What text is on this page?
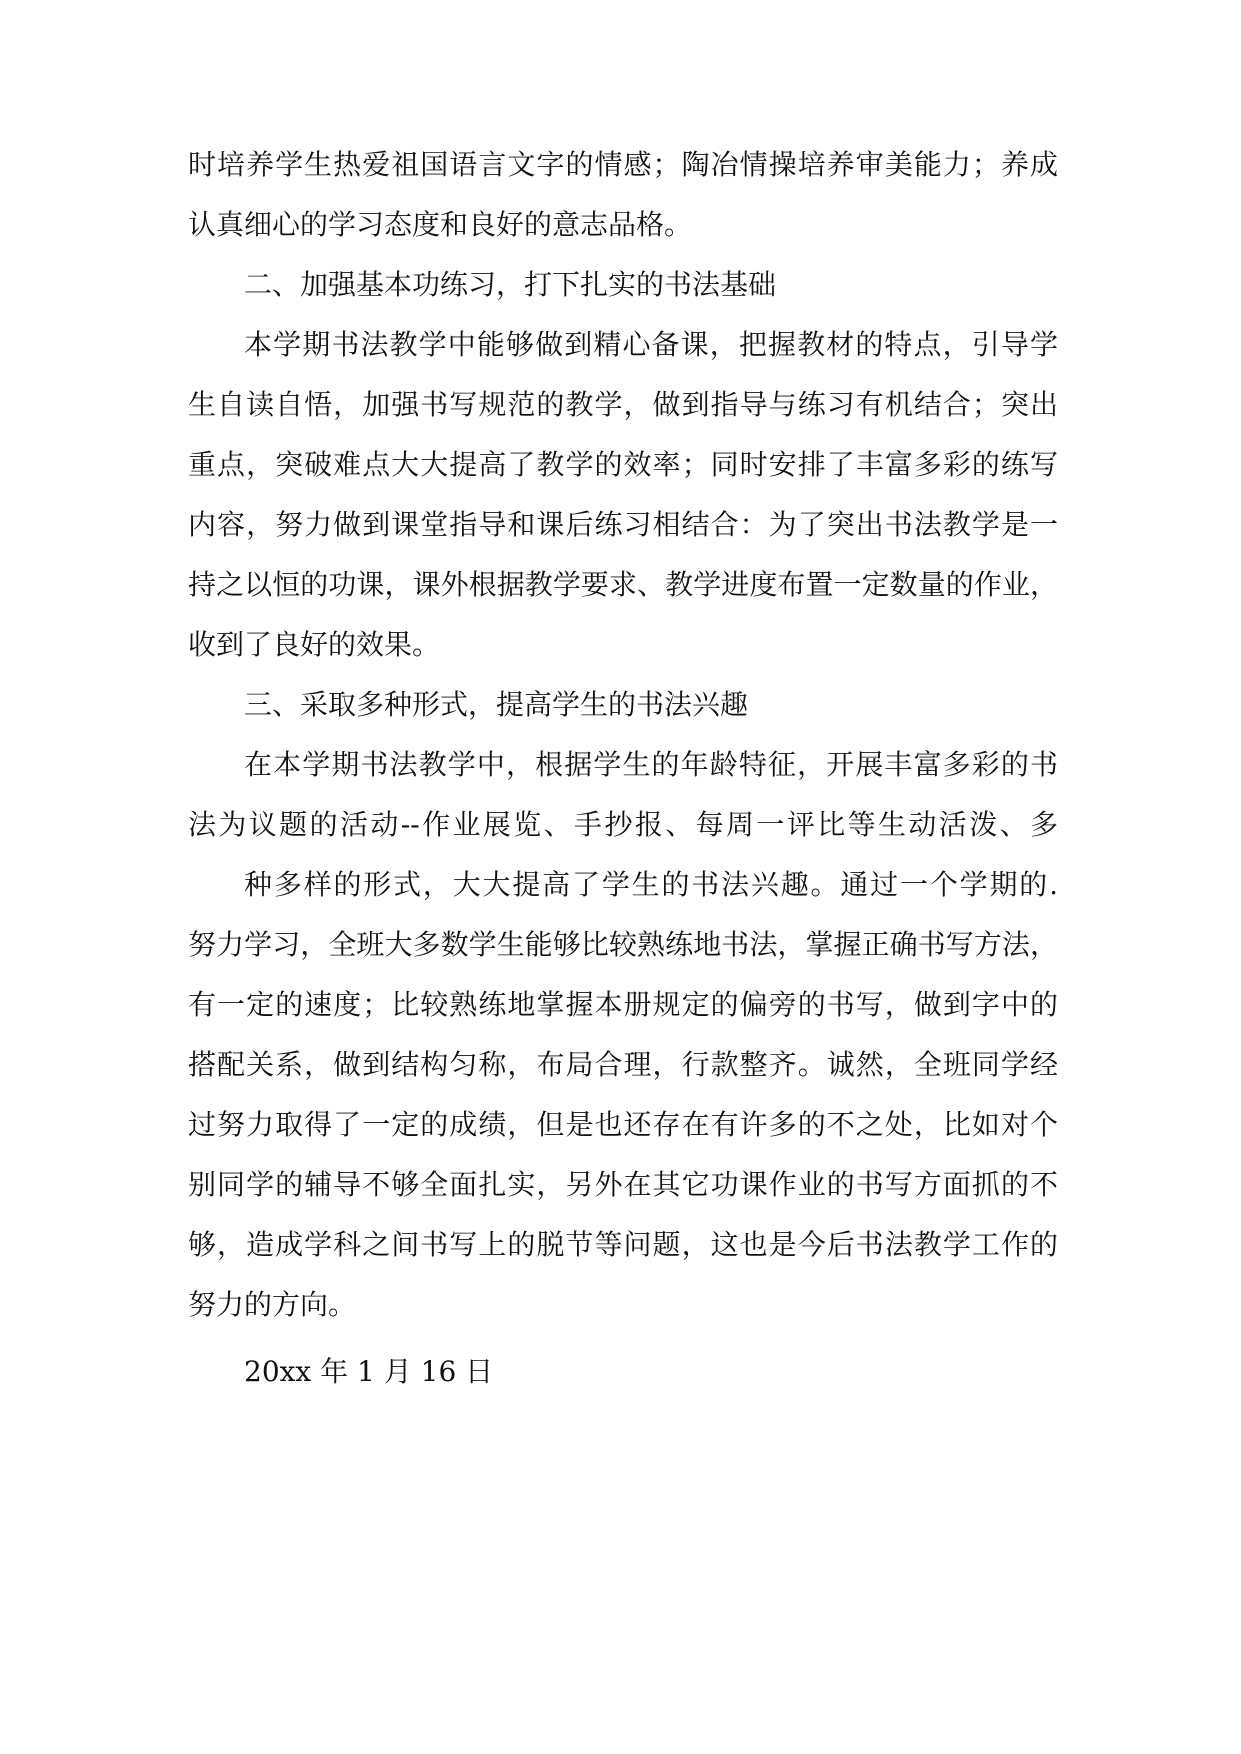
时培养学生热爱祖国语言文字的情感；陶冶情操培养审美能力；养成
认真细心的学习态度和良好的意志品格。
二、加强基本功练习，打下扎实的书法基础
本学期书法教学中能够做到精心备课，把握教材的特点，引导学
生自读自悟，加强书写规范的教学，做到指导与练习有机结合；突出
重点，突破难点大大提高了教学的效率；同时安排了丰富多彩的练写
内容，努力做到课堂指导和课后练习相结合：为了突出书法教学是一
持之以恒的功课，课外根据教学要求、教学进度布置一定数量的作业，
收到了良好的效果。
三、采取多种形式，提高学生的书法兴趣
在本学期书法教学中，根据学生的年龄特征，开展丰富多彩的书
法为议题的活动--作业展览、手抄报、每周一评比等生动活泼、多
种多样的形式，大大提高了学生的书法兴趣。通过一个学期的.
努力学习，全班大多数学生能够比较熟练地书法，掌握正确书写方法，
有一定的速度；比较熟练地掌握本册规定的偏旁的书写，做到字中的
搭配关系，做到结构匀称，布局合理，行款整齐。诚然，全班同学经
过努力取得了一定的成绩，但是也还存在有许多的不之处，比如对个
别同学的辅导不够全面扎实，另外在其它功课作业的书写方面抓的不
够，造成学科之间书写上的脱节等问题，这也是今后书法教学工作的
努力的方向。
20xx 年 1 月 16 日
